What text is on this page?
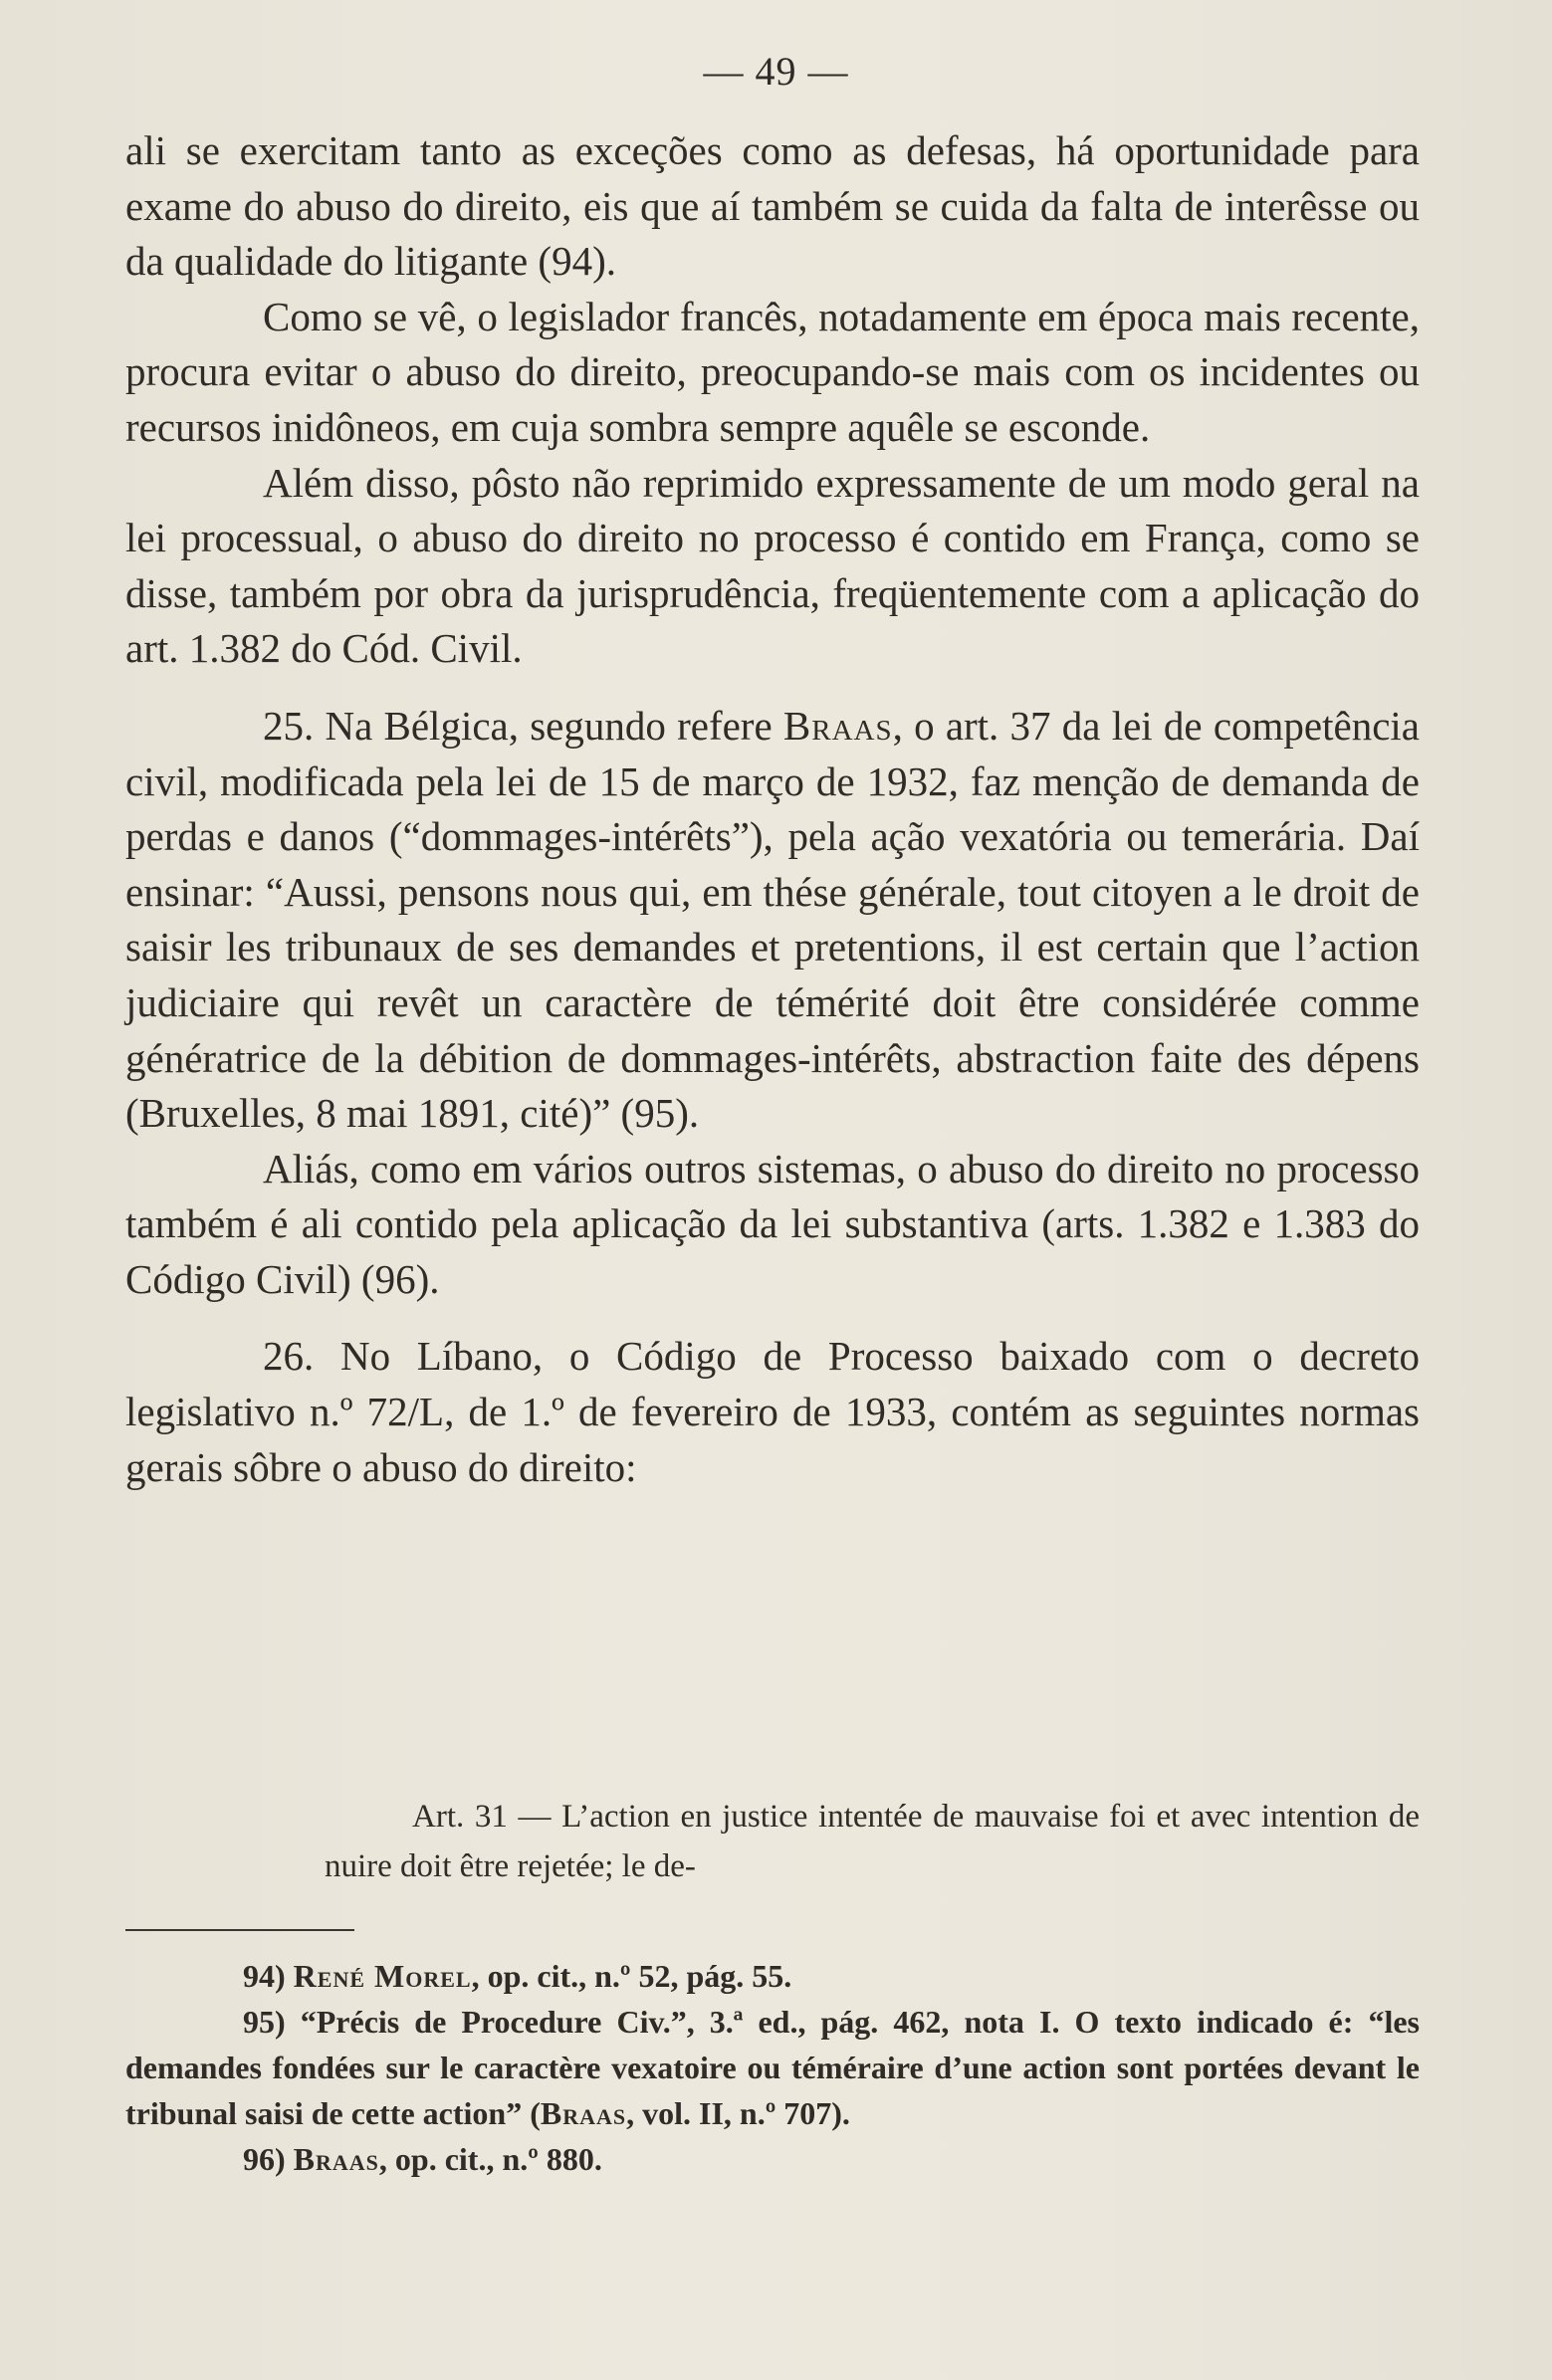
— 49 —

ali se exercitam tanto as exceções como as defesas, há oportunidade para exame do abuso do direito, eis que aí também se cuida da falta de interêsse ou da qualidade do litigante (94).

Como se vê, o legislador francês, notadamente em época mais recente, procura evitar o abuso do direito, preocupando-se mais com os incidentes ou recursos inidôneos, em cuja sombra sempre aquêle se esconde.

Além disso, pôsto não reprimido expressamente de um modo geral na lei processual, o abuso do direito no processo é contido em França, como se disse, também por obra da jurisprudência, freqüentemente com a aplicação do art. 1.382 do Cód. Civil.

25. Na Bélgica, segundo refere Braas, o art. 37 da lei de competência civil, modificada pela lei de 15 de março de 1932, faz menção de demanda de perdas e danos (“dommages-intérêts”), pela ação vexatória ou temerária. Daí ensinar: “Aussi, pensons nous qui, em thése générale, tout citoyen a le droit de saisir les tribunaux de ses demandes et pretentions, il est certain que l’action judiciaire qui revêt un caractère de témérité doit être considérée comme génératrice de la débition de dommages-intérêts, abstraction faite des dépens (Bruxelles, 8 mai 1891, cité)” (95).

Aliás, como em vários outros sistemas, o abuso do direito no processo também é ali contido pela aplicação da lei substantiva (arts. 1.382 e 1.383 do Código Civil) (96).

26. No Líbano, o Código de Processo baixado com o decreto legislativo n.º 72/L, de 1.º de fevereiro de 1933, contém as seguintes normas gerais sôbre o abuso do direito:

Art. 31 — L’action en justice intentée de mauvaise foi et avec intention de nuire doit être rejetée; le de-

94) René Morel, op. cit., n.º 52, pág. 55.

95) “Précis de Procedure Civ.”, 3.ª ed., pág. 462, nota I. O texto indicado é: “les demandes fondées sur le caractère vexatoire ou téméraire d’une action sont portées devant le tribunal saisi de cette action” (Braas, vol. II, n.º 707).

96) Braas, op. cit., n.º 880.
